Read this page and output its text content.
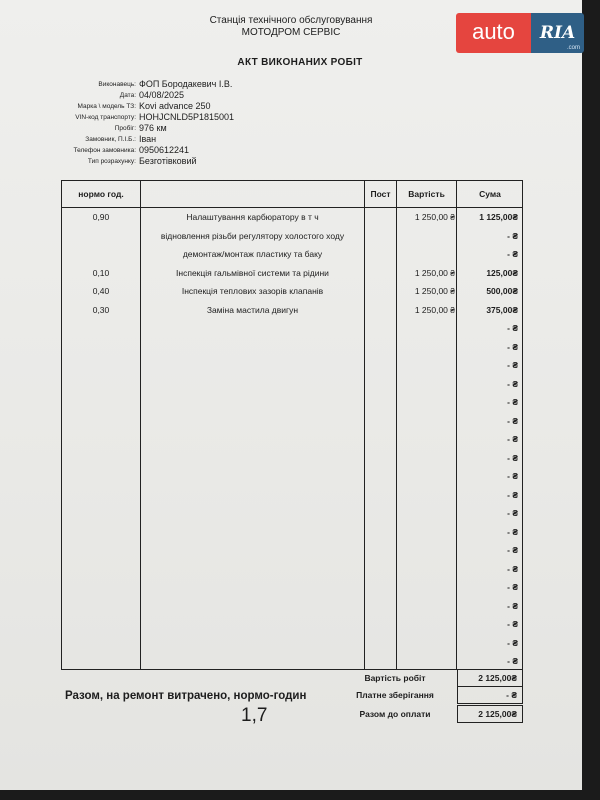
Станція технічного обслуговування
МОТОДРОМ СЕРВІС
АКТ ВИКОНАНИХ РОБІТ
Виконавець: ФОП Бородакевич І.В.
Дата: 04/08/2025
Марка \ модель ТЗ: Kovi advance 250
VIN-код транспорту: HOHJCNLD5P1815001
Пробіг: 976 км
Замовник, П.І.Б.: Іван
Телефон замовника: 0950612241
Тип розрахунку: Безготівковий
нормо год.	Пост	Вартість	Сума
0,90	Налаштування карбюратору в т ч	1 250,00 ₴	1 125,00₴
відновлення різьби регулятору холостого ходу	- ₴
демонтаж/монтаж пластику та баку	- ₴
0,10	Інспекція гальмівної системи та рідини	1 250,00 ₴	125,00₴
0,40	Інспекція теплових зазорів клапанів	1 250,00 ₴	500,00₴
0,30	Заміна мастила двигун	1 250,00 ₴	375,00₴
- ₴
- ₴
- ₴
- ₴
- ₴
- ₴
- ₴
- ₴
- ₴
- ₴
- ₴
- ₴
- ₴
- ₴
- ₴
- ₴
- ₴
- ₴
- ₴
Вартість робіт	2 125,00₴
Платне зберігання	- ₴
Разом до оплати	2 125,00₴
Разом, на ремонт витрачено, нормо-годин
1,7
auto	RIA
.com
